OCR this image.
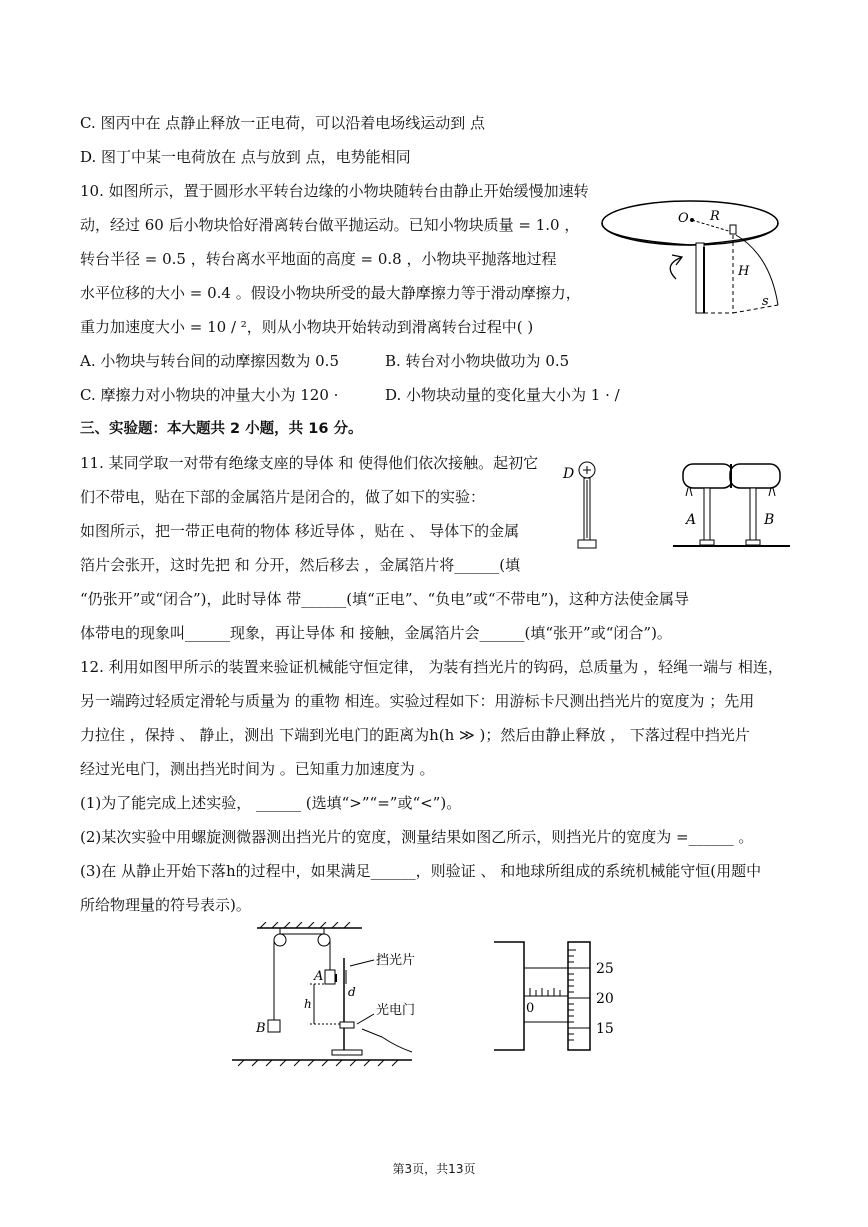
C. 图丙中在 点静止释放一正电荷，可以沿着电场线运动到 点
D. 图丁中某一电荷放在 点与放到 点，电势能相同
10. 如图所示，置于圆形水平转台边缘的小物块随转台由静止开始缓慢加速转
动，经过 60 后小物块恰好滑离转台做平抛运动。已知小物块质量 = 1.0 ，
转台半径 = 0.5 ，转台离水平地面的高度 = 0.8 ，小物块平抛落地过程
水平位移的大小 = 0.4 。假设小物块所受的最大静摩擦力等于滑动摩擦力，
重力加速度大小 = 10 / ²，则从小物块开始转动到滑离转台过程中( )
A. 小物块与转台间的动摩擦因数为 0.5	B. 转台对小物块做功为 0.5
C. 摩擦力对小物块的冲量大小为 120 ·	D. 小物块动量的变化量大小为 1 · /
三、实验题：本大题共 2 小题，共 16 分。
11. 某同学取一对带有绝缘支座的导体 和 使得他们依次接触。起初它
们不带电，贴在下部的金属箔片是闭合的，做了如下的实验：
如图所示，把一带正电荷的物体 移近导体 ，贴在 、 导体下的金属
箔片会张开，这时先把 和 分开，然后移去 ，金属箔片将______(填
“仍张开”或“闭合”)，此时导体 带______(填“正电”、“负电”或“不带电”)，这种方法使金属导
体带电的现象叫______现象，再让导体 和 接触，金属箔片会______(填“张开”或“闭合”)。
12. 利用如图甲所示的装置来验证机械能守恒定律， 为装有挡光片的钩码，总质量为 ，轻绳一端与 相连，
另一端跨过轻质定滑轮与质量为 的重物 相连。实验过程如下：用游标卡尺测出挡光片的宽度为 ；先用
力拉住 ，保持 、 静止，测出 下端到光电门的距离为h(h ≫ )；然后由静止释放 ， 下落过程中挡光片
经过光电门，测出挡光时间为 。已知重力加速度为 。
(1)为了能完成上述实验， ______ (选填“>”“=”或“<”)。
(2)某次实验中用螺旋测微器测出挡光片的宽度，测量结果如图乙所示，则挡光片的宽度为 =______ 。
(3)在 从静止开始下落h的过程中，如果满足______，则验证 、 和地球所组成的系统机械能守恒(用题中
所给物理量的符号表示)。
O R
H
s
D
A	B
B
A
d
h
挡光片
光电门
25
20
15
0
第3页，共13页
